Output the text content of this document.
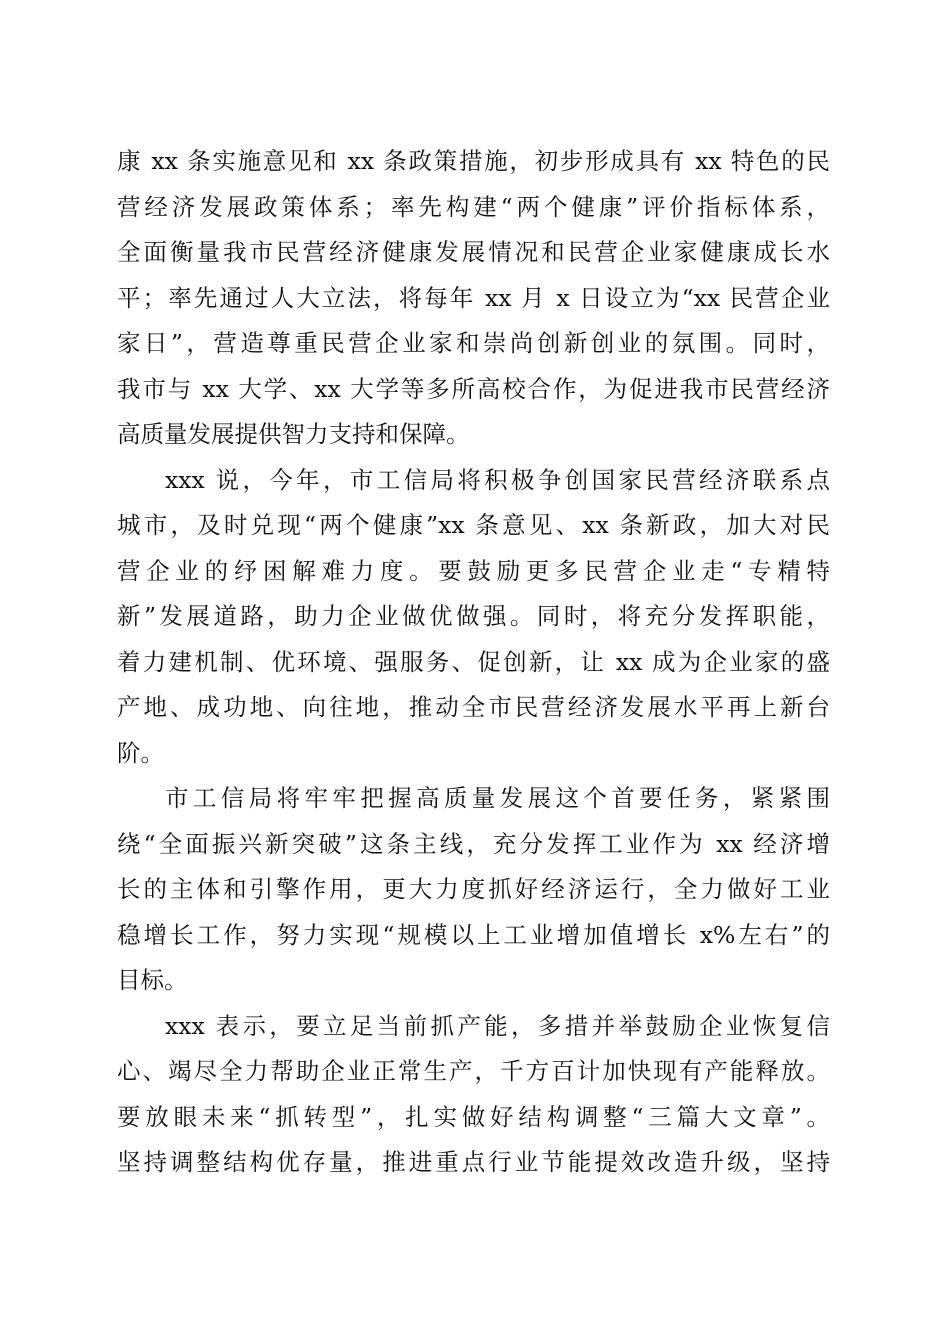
康 xx 条实施意见和 xx 条政策措施，初步形成具有 xx 特色的民
营经济发展政策体系；率先构建“两个健康”评价指标体系，
全面衡量我市民营经济健康发展情况和民营企业家健康成长水
平；率先通过人大立法，将每年 xx 月 x 日设立为“xx 民营企业
家日”，营造尊重民营企业家和崇尚创新创业的氛围。同时，
我市与 xx 大学、xx 大学等多所高校合作，为促进我市民营经济
高质量发展提供智力支持和保障。
xxx 说，今年，市工信局将积极争创国家民营经济联系点
城市，及时兑现“两个健康”xx 条意见、xx 条新政，加大对民
营企业的纾困解难力度。要鼓励更多民营企业走“专精特
新”发展道路，助力企业做优做强。同时，将充分发挥职能，
着力建机制、优环境、强服务、促创新，让 xx 成为企业家的盛
产地、成功地、向往地，推动全市民营经济发展水平再上新台
阶。
市工信局将牢牢把握高质量发展这个首要任务，紧紧围
绕“全面振兴新突破”这条主线，充分发挥工业作为 xx 经济增
长的主体和引擎作用，更大力度抓好经济运行，全力做好工业
稳增长工作，努力实现“规模以上工业增加值增长 x%左右”的
目标。
xxx 表示，要立足当前抓产能，多措并举鼓励企业恢复信
心、竭尽全力帮助企业正常生产，千方百计加快现有产能释放。
要放眼未来“抓转型”，扎实做好结构调整“三篇大文章”。
坚持调整结构优存量，推进重点行业节能提效改造升级，坚持
